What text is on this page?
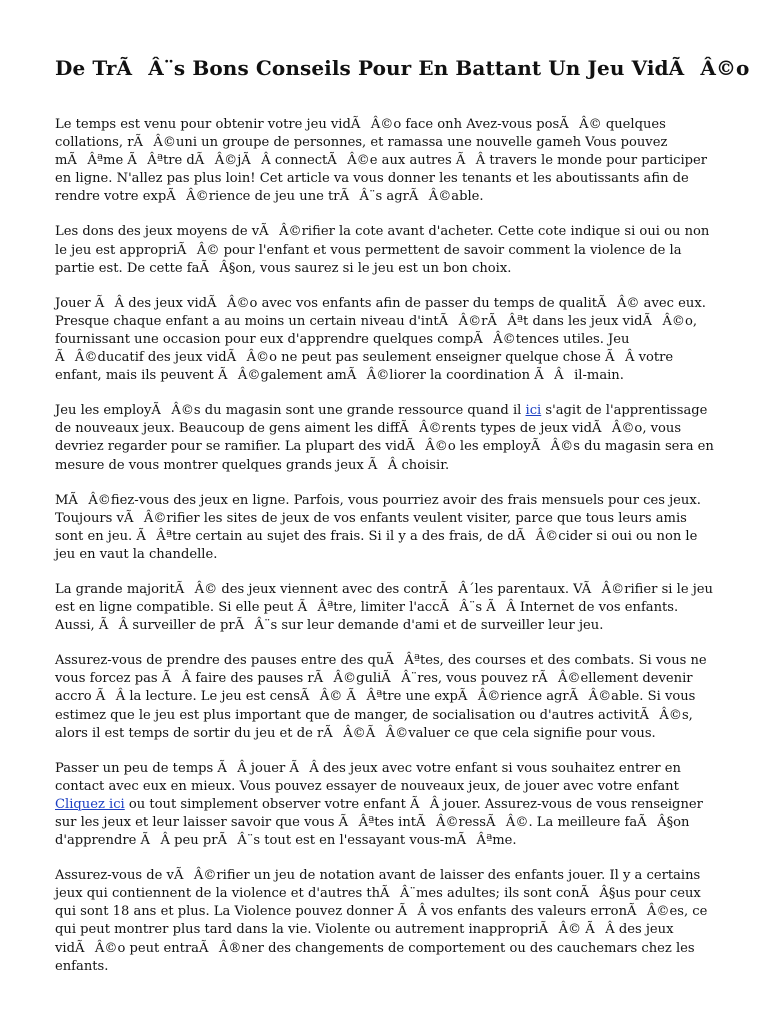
De TrÃÂ¨s Bons Conseils Pour En Battant Un Jeu VidÃÂ©o

Le temps est venu pour obtenir votre jeu vidÃÂ©o face onh Avez-vous posÃÂ© quelques collations, rÃÂ©uni un groupe de personnes, et ramassa une nouvelle gameh Vous pouvez mÃÂªme ÃÂªtre dÃÂ©jÃÂ connectÃÂ©e aux autres ÃÂ travers le monde pour participer en ligne. N'allez pas plus loin! Cet article va vous donner les tenants et les aboutissants afin de rendre votre expÃÂ©rience de jeu une trÃÂ¨s agrÃÂ©able.

Les dons des jeux moyens de vÃÂ©rifier la cote avant d'acheter. Cette cote indique si oui ou non le jeu est appropriÃÂ© pour l'enfant et vous permettent de savoir comment la violence de la partie est. De cette faÃÂ§on, vous saurez si le jeu est un bon choix.

Jouer ÃÂ des jeux vidÃÂ©o avec vos enfants afin de passer du temps de qualitÃÂ© avec eux. Presque chaque enfant a au moins un certain niveau d'intÃÂ©rÃÂªt dans les jeux vidÃÂ©o, fournissant une occasion pour eux d'apprendre quelques compÃÂ©tences utiles. Jeu ÃÂ©ducatif des jeux vidÃÂ©o ne peut pas seulement enseigner quelque chose ÃÂ votre enfant, mais ils peuvent ÃÂ©galement amÃÂ©liorer la coordination ÃÂil-main.

Jeu les employÃÂ©s du magasin sont une grande ressource quand il ici s'agit de l'apprentissage de nouveaux jeux. Beaucoup de gens aiment les diffÃÂ©rents types de jeux vidÃÂ©o, vous devriez regarder pour se ramifier. La plupart des vidÃÂ©o les employÃÂ©s du magasin sera en mesure de vous montrer quelques grands jeux ÃÂ choisir.

MÃÂ©fiez-vous des jeux en ligne. Parfois, vous pourriez avoir des frais mensuels pour ces jeux. Toujours vÃÂ©rifier les sites de jeux de vos enfants veulent visiter, parce que tous leurs amis sont en jeu. ÃÂªtre certain au sujet des frais. Si il y a des frais, de dÃÂ©cider si oui ou non le jeu en vaut la chandelle.

La grande majoritÃÂ© des jeux viennent avec des contrÃÂ´les parentaux. VÃÂ©rifier si le jeu est en ligne compatible. Si elle peut ÃÂªtre, limiter l'accÃÂ¨s ÃÂ Internet de vos enfants. Aussi, ÃÂ surveiller de prÃÂ¨s sur leur demande d'ami et de surveiller leur jeu.

Assurez-vous de prendre des pauses entre des quÃÂªtes, des courses et des combats. Si vous ne vous forcez pas ÃÂ faire des pauses rÃÂ©guliÃÂ¨res, vous pouvez rÃÂ©ellement devenir accro ÃÂ la lecture. Le jeu est censÃÂ© ÃÂªtre une expÃÂ©rience agrÃÂ©able. Si vous estimez que le jeu est plus important que de manger, de socialisation ou d'autres activitÃÂ©s, alors il est temps de sortir du jeu et de rÃÂ©ÃÂ©valuer ce que cela signifie pour vous.

Passer un peu de temps ÃÂ jouer ÃÂ des jeux avec votre enfant si vous souhaitez entrer en contact avec eux en mieux. Vous pouvez essayer de nouveaux jeux, de jouer avec votre enfant Cliquez ici ou tout simplement observer votre enfant ÃÂ jouer. Assurez-vous de vous renseigner sur les jeux et leur laisser savoir que vous ÃÂªtes intÃÂ©ressÃÂ©. La meilleure faÃÂ§on d'apprendre ÃÂ peu prÃÂ¨s tout est en l'essayant vous-mÃÂªme.

Assurez-vous de vÃÂ©rifier un jeu de notation avant de laisser des enfants jouer. Il y a certains jeux qui contiennent de la violence et d'autres thÃÂ¨mes adultes; ils sont conÃÂ§us pour ceux qui sont 18 ans et plus. La Violence pouvez donner ÃÂ vos enfants des valeurs erronÃÂ©es, ce qui peut montrer plus tard dans la vie. Violente ou autrement inappropriÃÂ© ÃÂ des jeux vidÃÂ©o peut entraÃÂ®ner des changements de comportement ou des cauchemars chez les enfants.
